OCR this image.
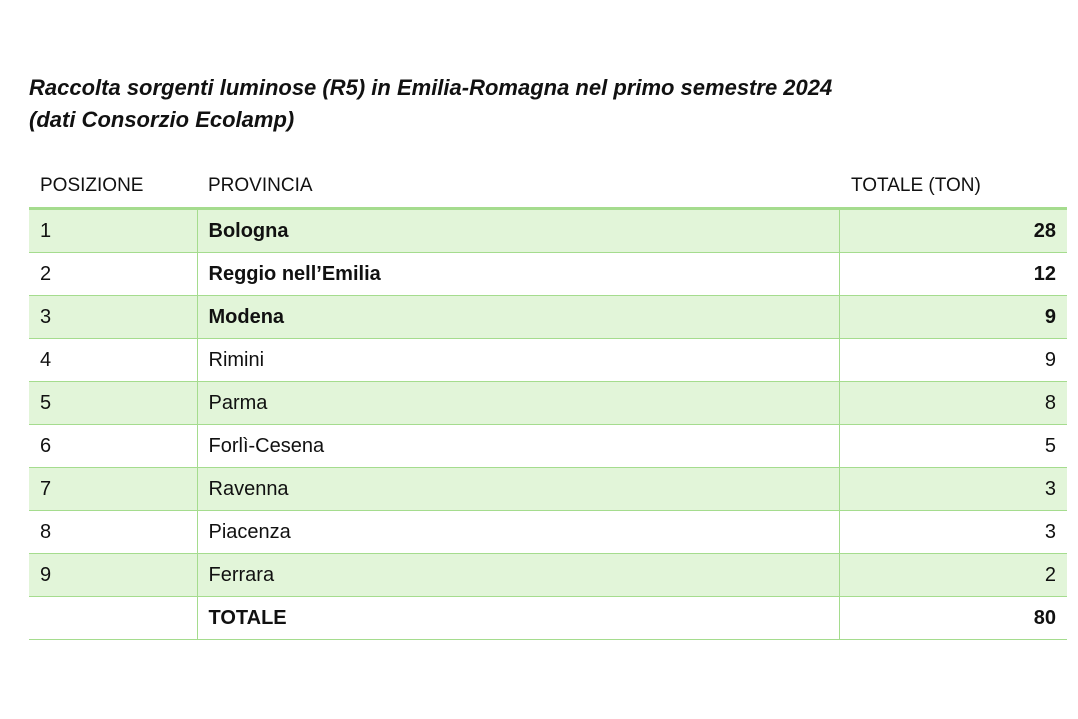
Raccolta sorgenti luminose (R5) in Emilia-Romagna nel primo semestre 2024
(dati Consorzio Ecolamp)
POSIZIONE	PROVINCIA	TOTALE (TON)
1	Bologna	28
2	Reggio nell’Emilia	12
3	Modena	9
4	Rimini	9
5	Parma	8
6	Forlì-Cesena	5
7	Ravenna	3
8	Piacenza	3
9	Ferrara	2
	TOTALE	80
